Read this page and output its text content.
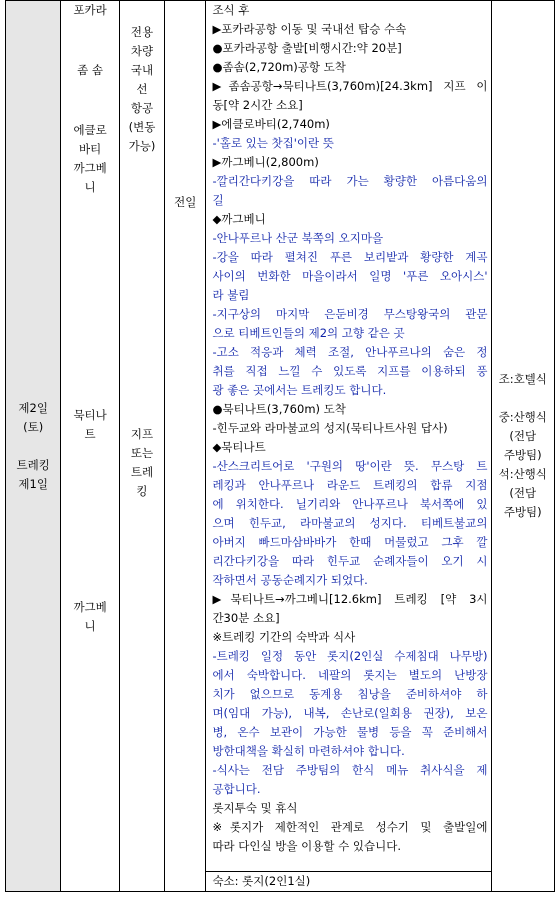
제2일
(토)
트레킹
제1일

포카라
좀 솜
에클로
바티
까그베
니
묵티나
트
까그베
니

전용
차량
국내
선
항공
(변동
가능)
지프
또는
트레
킹

전일

조식 후
▶포카라공항 이동 및 국내선 탑승 수속
●포카라공항 출발[비행시간:약 20분]
●좀솜(2,720m)공항 도착
▶좀솜공항→묵티나트(3,760m)[24.3km] 지프 이
동[약 2시간 소요]
▶에클로바티(2,740m)
-'홀로 있는 찻집'이란 뜻
▶까그베니(2,800m)
-깔리간다키강을 따라 가는 황량한 아름다움의
길
◆까그베니
-안나푸르나 산군 북쪽의 오지마을
-강을 따라 펼쳐진 푸른 보리밭과 황량한 계곡
사이의 번화한 마을이라서 일명 '푸른 오아시스'
라 불림
-지구상의 마지막 은둔비경 무스탕왕국의 관문
으로 티베트인들의 제2의 고향 같은 곳
-고소 적응과 체력 조절, 안나푸르나의 숨은 정
취를 직접 느낄 수 있도록 지프를 이용하되 풍
광 좋은 곳에서는 트레킹도 합니다.
●묵티나트(3,760m) 도착
-힌두교와 라마불교의 성지(묵티나트사원 답사)
◆묵티나트
-산스크리트어로 '구원의 땅'이란 뜻. 무스탕 트
레킹과 안나푸르나 라운드 트레킹의 합류 지점
에 위치한다. 닐기리와 안나푸르나 북서쪽에 있
으며 힌두교, 라마불교의 성지다. 티베트불교의
아버지 빠드마삼바바가 한때 머물렀고 그후 깔
리간다키강을 따라 힌두교 순례자들이 오기 시
작하면서 공동순례지가 되었다.
▶묵티나트→까그베니[12.6km] 트레킹 [약 3시
간30분 소요]
※트레킹 기간의 숙박과 식사
-트레킹 일정 동안 롯지(2인실 수제침대 나무방)
에서 숙박합니다. 네팔의 롯지는 별도의 난방장
치가 없으므로 동계용 침낭을 준비하셔야 하
며(임대 가능), 내복, 손난로(일회용 권장), 보온
병, 온수 보관이 가능한 물병 등을 꼭 준비해서
방한대책을 확실히 마련하셔야 합니다.
-식사는 전담 주방팀의 한식 메뉴 취사식을 제
공합니다.
롯지투숙 및 휴식
※롯지가 제한적인 관계로 성수기 및 출발일에
따라 다인실 방을 이용할 수 있습니다.
숙소: 롯지(2인1실)

조:호텔식
중:산행식
(전담
주방팀)
석:산행식
(전담
주방팀)
